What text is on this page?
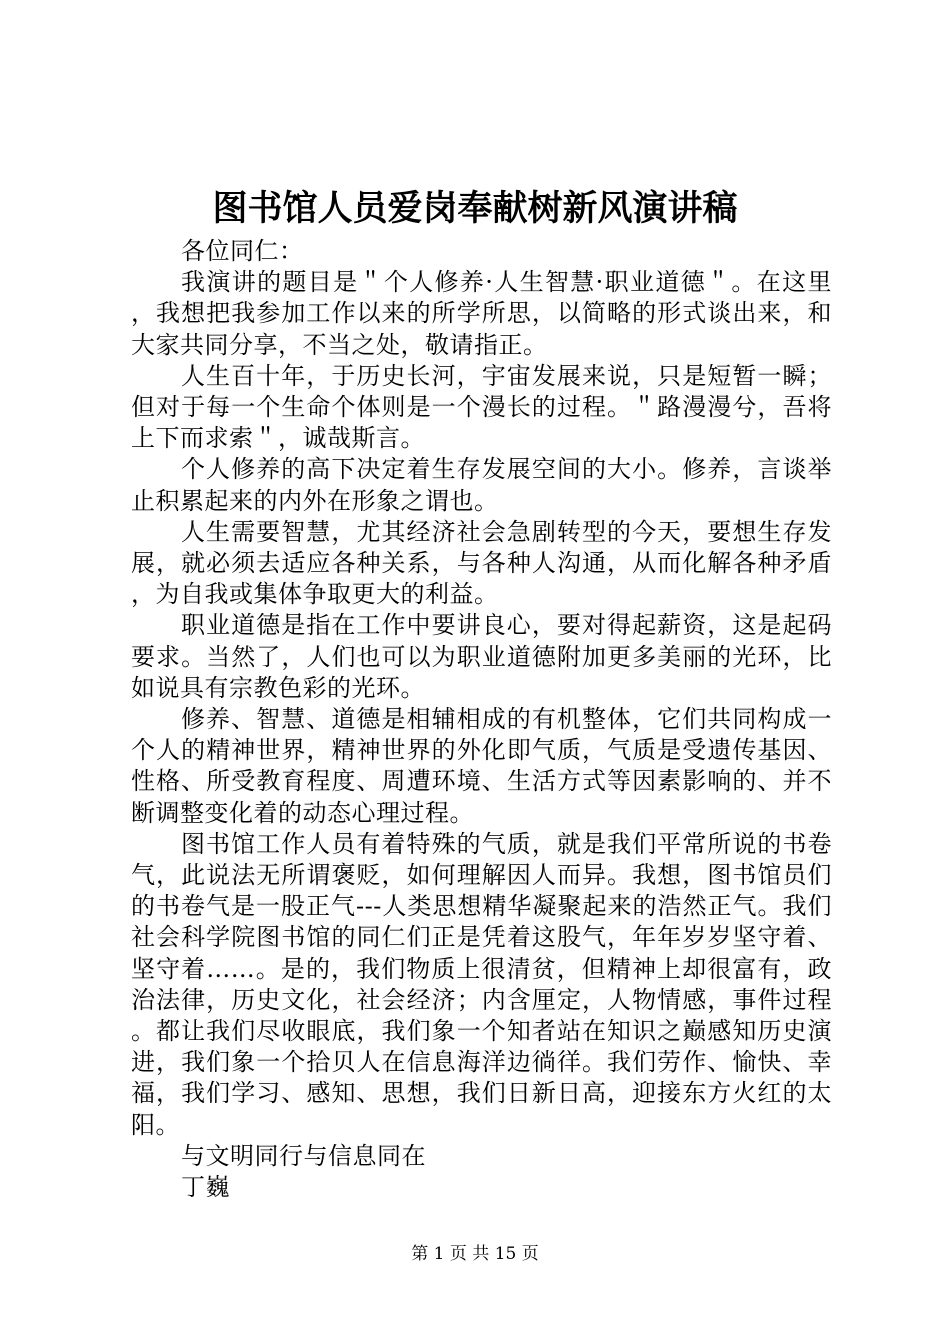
图书馆人员爱岗奉献树新风演讲稿

各位同仁：

我演讲的题目是＂个人修养·人生智慧·职业道德＂。在这里，我想把我参加工作以来的所学所思，以简略的形式谈出来，和大家共同分享，不当之处，敬请指正。

人生百十年，于历史长河，宇宙发展来说，只是短暂一瞬；但对于每一个生命个体则是一个漫长的过程。＂路漫漫兮，吾将上下而求索＂，诚哉斯言。

个人修养的高下决定着生存发展空间的大小。修养，言谈举止积累起来的内外在形象之谓也。

人生需要智慧，尤其经济社会急剧转型的今天，要想生存发展，就必须去适应各种关系，与各种人沟通，从而化解各种矛盾，为自我或集体争取更大的利益。

职业道德是指在工作中要讲良心，要对得起薪资，这是起码要求。当然了，人们也可以为职业道德附加更多美丽的光环，比如说具有宗教色彩的光环。

修养、智慧、道德是相辅相成的有机整体，它们共同构成一个人的精神世界，精神世界的外化即气质，气质是受遗传基因、性格、所受教育程度、周遭环境、生活方式等因素影响的、并不断调整变化着的动态心理过程。

图书馆工作人员有着特殊的气质，就是我们平常所说的书卷气，此说法无所谓褒贬，如何理解因人而异。我想，图书馆员们的书卷气是一股正气---人类思想精华凝聚起来的浩然正气。我们社会科学院图书馆的同仁们正是凭着这股气，年年岁岁坚守着、坚守着……。是的，我们物质上很清贫，但精神上却很富有，政治法律，历史文化，社会经济；内含厘定，人物情感，事件过程。都让我们尽收眼底，我们象一个知者站在知识之巅感知历史演进，我们象一个拾贝人在信息海洋边徜徉。我们劳作、愉快、幸福，我们学习、感知、思想，我们日新日高，迎接东方火红的太阳。

与文明同行与信息同在

丁巍

第 1 页 共 15 页
